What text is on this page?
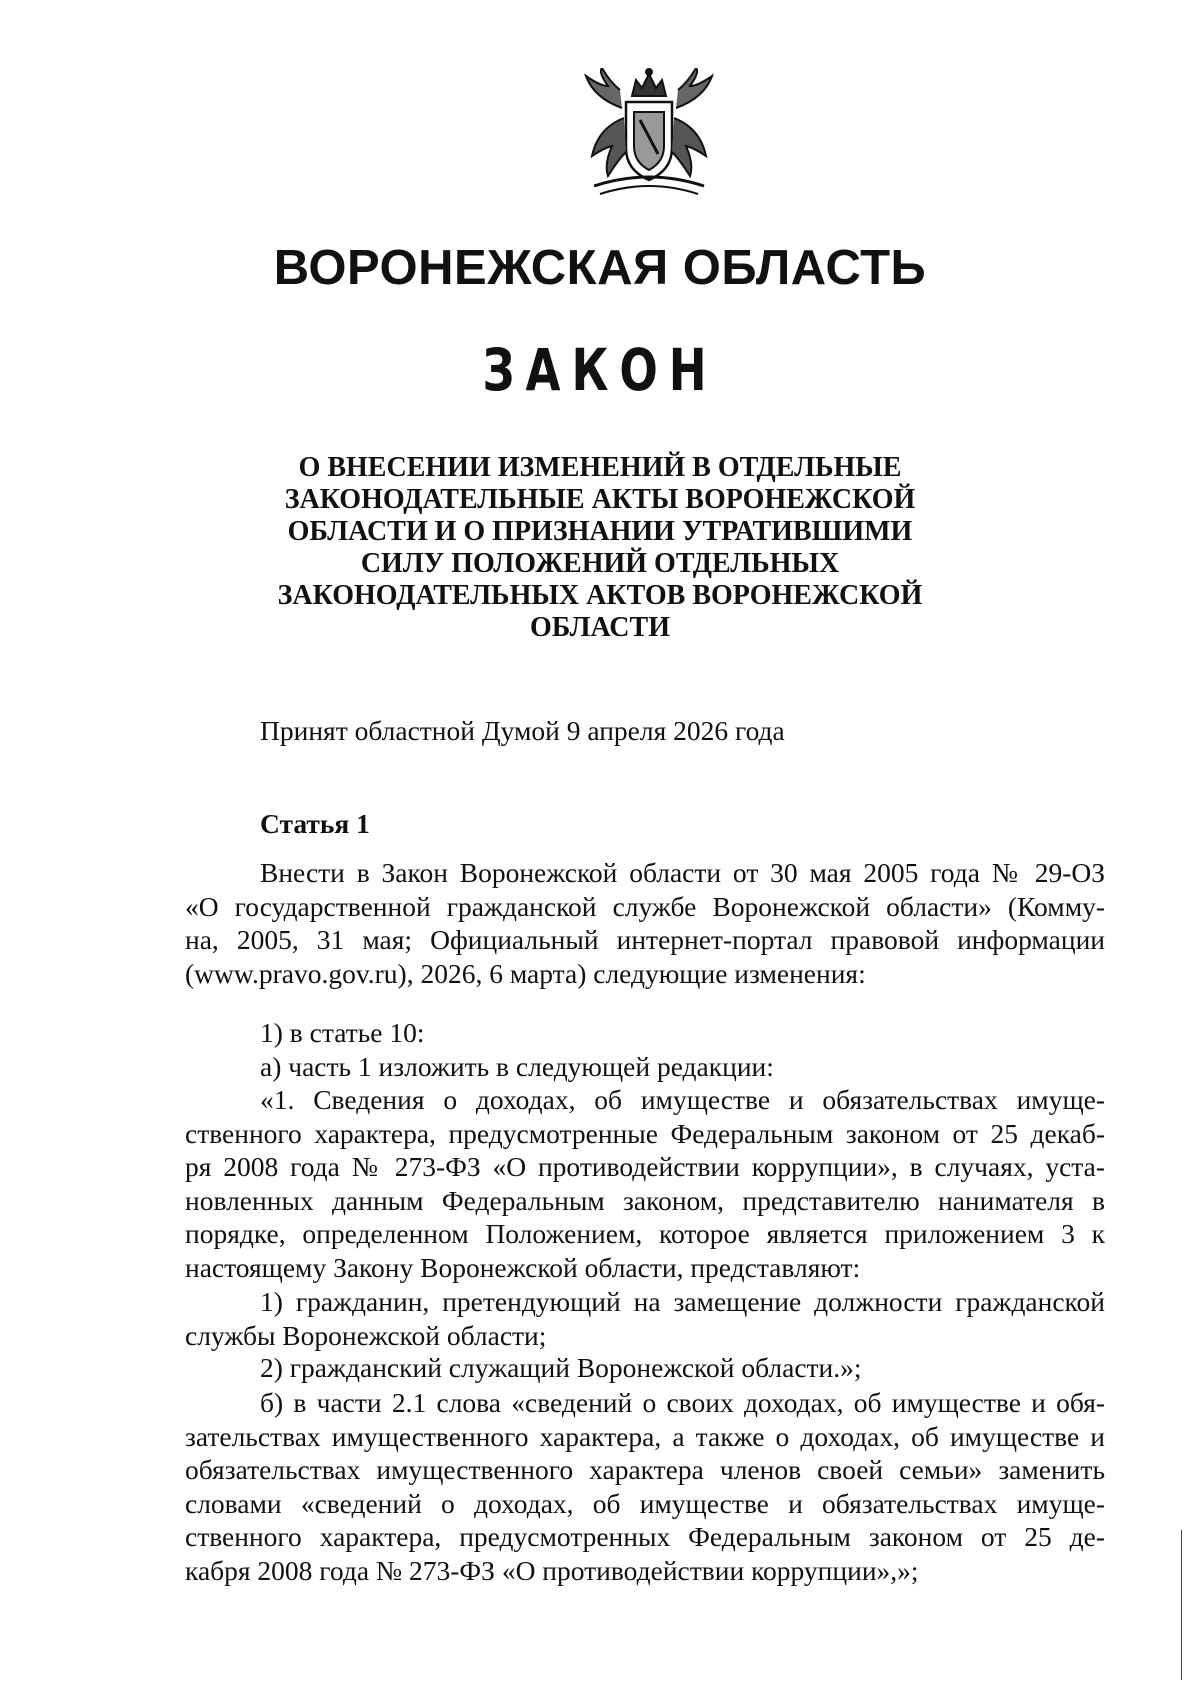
ВОРОНЕЖСКАЯ ОБЛАСТЬ
ЗАКОН
О ВНЕСЕНИИ ИЗМЕНЕНИЙ В ОТДЕЛЬНЫЕ
ЗАКОНОДАТЕЛЬНЫЕ АКТЫ ВОРОНЕЖСКОЙ
ОБЛАСТИ И О ПРИЗНАНИИ УТРАТИВШИМИ
СИЛУ ПОЛОЖЕНИЙ ОТДЕЛЬНЫХ
ЗАКОНОДАТЕЛЬНЫХ АКТОВ ВОРОНЕЖСКОЙ
ОБЛАСТИ
Принят областной Думой 9 апреля 2026 года
Статья 1
Внести в Закон Воронежской области от 30 мая 2005 года № 29-ОЗ
«О государственной гражданской службе Воронежской области» (Комму-
на, 2005, 31 мая; Официальный интернет-портал правовой информации
(www.pravo.gov.ru), 2026, 6 марта) следующие изменения:
1) в статье 10:
а) часть 1 изложить в следующей редакции:
«1. Сведения о доходах, об имуществе и обязательствах имуще-
ственного характера, предусмотренные Федеральным законом от 25 декаб-
ря 2008 года № 273-ФЗ «О противодействии коррупции», в случаях, уста-
новленных данным Федеральным законом, представителю нанимателя в
порядке, определенном Положением, которое является приложением 3 к
настоящему Закону Воронежской области, представляют:
1) гражданин, претендующий на замещение должности гражданской
службы Воронежской области;
2) гражданский служащий Воронежской области.»;
б) в части 2.1 слова «сведений о своих доходах, об имуществе и обя-
зательствах имущественного характера, а также о доходах, об имуществе и
обязательствах имущественного характера членов своей семьи» заменить
словами «сведений о доходах, об имуществе и обязательствах имуще-
ственного характера, предусмотренных Федеральным законом от 25 де-
кабря 2008 года № 273-ФЗ «О противодействии коррупции»,»;
